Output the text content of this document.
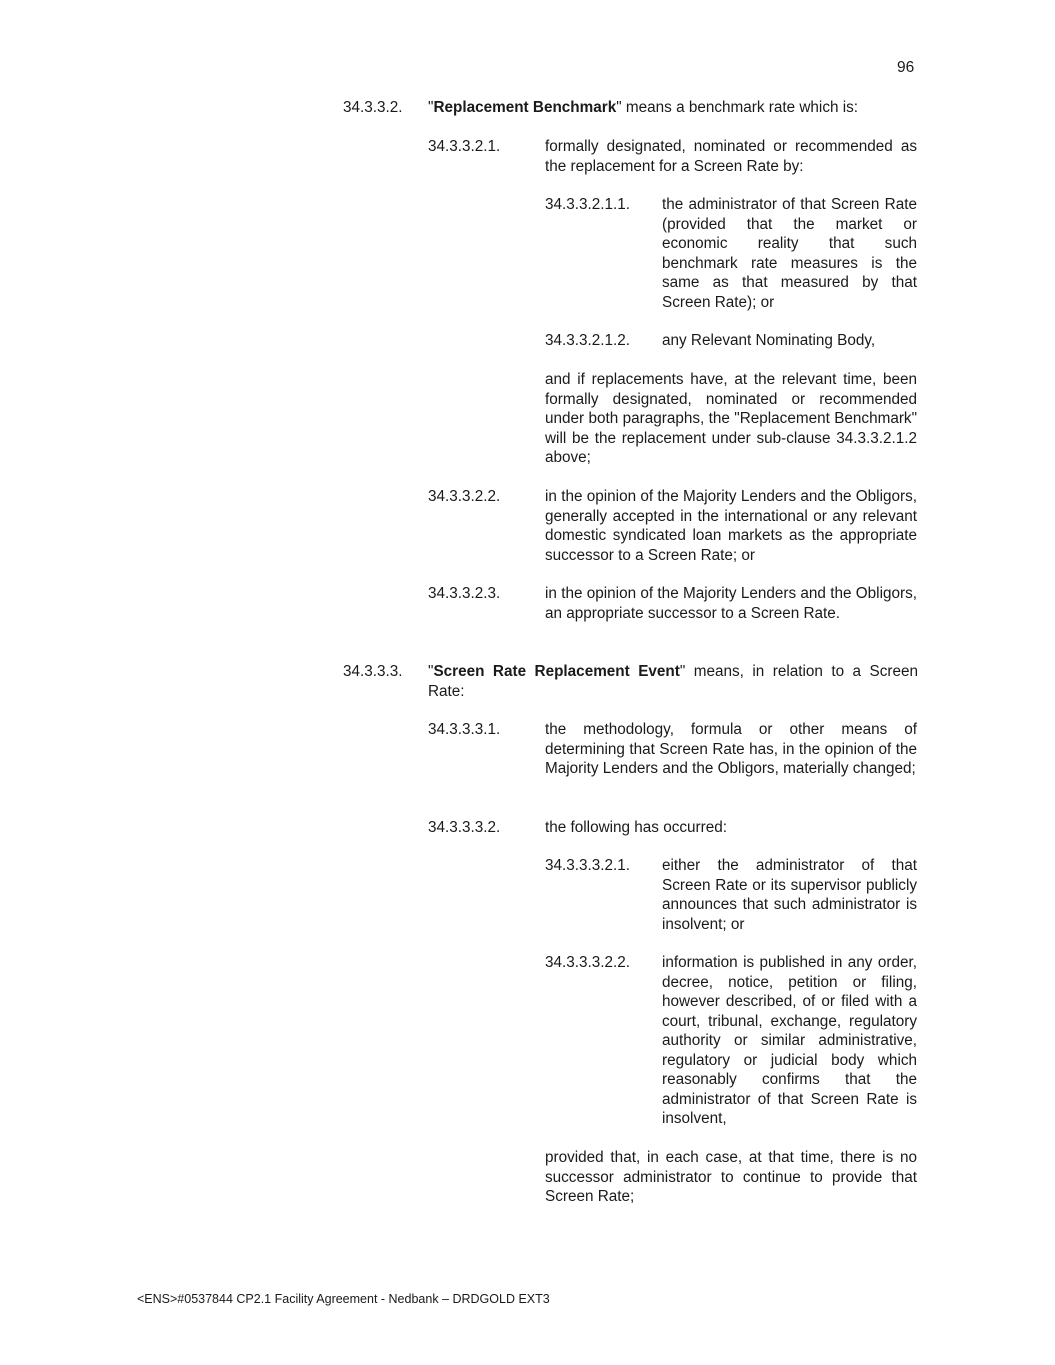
96
34.3.3.2. "Replacement Benchmark" means a benchmark rate which is:
34.3.3.2.1.	formally designated, nominated or recommended as the replacement for a Screen Rate by:
34.3.3.2.1.1. the administrator of that Screen Rate (provided that the market or economic reality that such benchmark rate measures is the same as that measured by that Screen Rate); or
34.3.3.2.1.2. any Relevant Nominating Body,
and if replacements have, at the relevant time, been formally designated, nominated or recommended under both paragraphs, the "Replacement Benchmark" will be the replacement under sub-clause 34.3.3.2.1.2 above;
34.3.3.2.2.	in the opinion of the Majority Lenders and the Obligors, generally accepted in the international or any relevant domestic syndicated loan markets as the appropriate successor to a Screen Rate; or
34.3.3.2.3.	in the opinion of the Majority Lenders and the Obligors, an appropriate successor to a Screen Rate.
34.3.3.3. "Screen Rate Replacement Event" means, in relation to a Screen Rate:
34.3.3.3.1.	the methodology, formula or other means of determining that Screen Rate has, in the opinion of the Majority Lenders and the Obligors, materially changed;
34.3.3.3.2.	the following has occurred:
34.3.3.3.2.1. either the administrator of that Screen Rate or its supervisor publicly announces that such administrator is insolvent; or
34.3.3.3.2.2. information is published in any order, decree, notice, petition or filing, however described, of or filed with a court, tribunal, exchange, regulatory authority or similar administrative, regulatory or judicial body which reasonably confirms that the administrator of that Screen Rate is insolvent,
provided that, in each case, at that time, there is no successor administrator to continue to provide that Screen Rate;
<ENS>#0537844 CP2.1 Facility Agreement - Nedbank – DRDGOLD EXT3
